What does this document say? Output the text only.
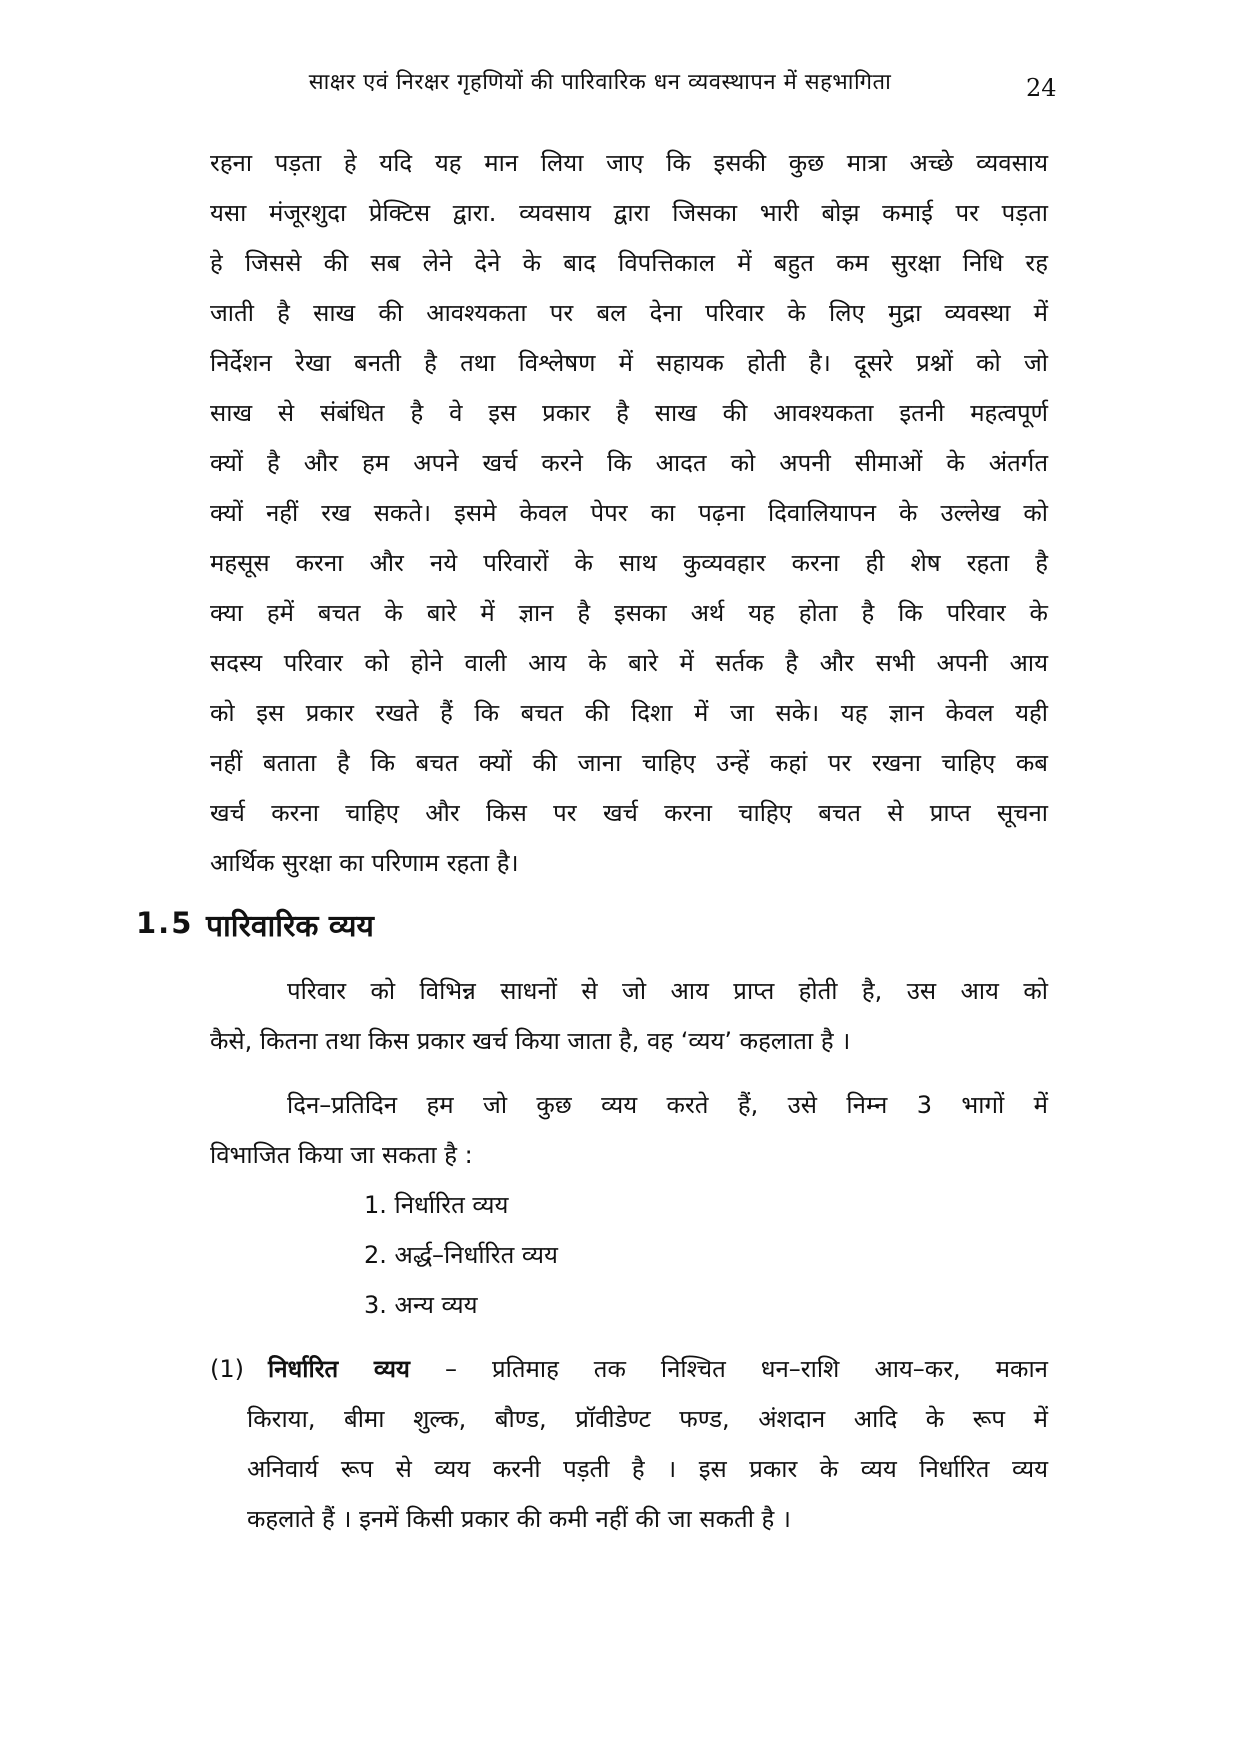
साक्षर एवं निरक्षर गृहणियों की पारिवारिक धन व्यवस्थापन में सहभागिता	24
रहना पड़ता हे यदि यह मान लिया जाए कि इसकी कुछ मात्रा अच्छे व्यवसाय
यसा मंजूरशुदा प्रेक्टिस द्वारा. व्यवसाय द्वारा जिसका भारी बोझ कमाई पर पड़ता
हे जिससे की सब लेने देने के बाद विपत्तिकाल में बहुत कम सुरक्षा निधि रह
जाती है साख की आवश्यकता पर बल देना परिवार के लिए मुद्रा व्यवस्था में
निर्देशन रेखा बनती है तथा विश्लेषण में सहायक होती है। दूसरे प्रश्नों को जो
साख से संबंधित है वे इस प्रकार है साख की आवश्यकता इतनी महत्वपूर्ण
क्यों है और हम अपने खर्च करने कि आदत को अपनी सीमाओं के अंतर्गत
क्यों नहीं रख सकते। इसमे केवल पेपर का पढ़ना दिवालियापन के उल्लेख को
महसूस करना और नये परिवारों के साथ कुव्यवहार करना ही शेष रहता है
क्या हमें बचत के बारे में ज्ञान है इसका अर्थ यह होता है कि परिवार के
सदस्य परिवार को होने वाली आय के बारे में सर्तक है और सभी अपनी आय
को इस प्रकार रखते हैं कि बचत की दिशा में जा सके। यह ज्ञान केवल यही
नहीं बताता है कि बचत क्यों की जाना चाहिए उन्हें कहां पर रखना चाहिए कब
खर्च करना चाहिए और किस पर खर्च करना चाहिए बचत से प्राप्त सूचना
आर्थिक सुरक्षा का परिणाम रहता है।
1.5 पारिवारिक व्यय
परिवार को विभिन्न साधनों से जो आय प्राप्त होती है, उस आय को
कैसे, कितना तथा किस प्रकार खर्च किया जाता है, वह ‘व्यय’ कहलाता है ।
दिन–प्रतिदिन हम जो कुछ व्यय करते हैं, उसे निम्न 3 भागों में
विभाजित किया जा सकता है :
1. निर्धारित व्यय
2. अर्द्ध–निर्धारित व्यय
3. अन्य व्यय
(1) निर्धारित व्यय – प्रतिमाह तक निश्चित धन–राशि आय–कर, मकान
किराया, बीमा शुल्क, बौण्ड, प्रॉवीडेण्ट फण्ड, अंशदान आदि के रूप में
अनिवार्य रूप से व्यय करनी पड़ती है । इस प्रकार के व्यय निर्धारित व्यय
कहलाते हैं । इनमें किसी प्रकार की कमी नहीं की जा सकती है ।
